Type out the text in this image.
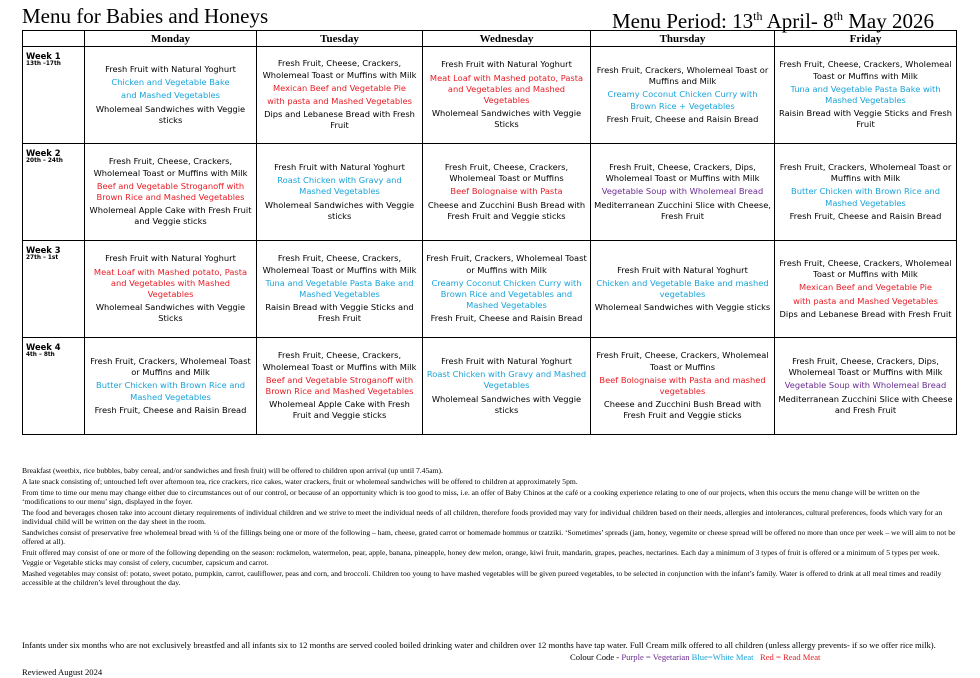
Menu for Babies and Honeys	Menu Period: 13th April- 8th May 2026
	Monday	Tuesday	Wednesday	Thursday	Friday
Week 1
13th –17th	Fresh Fruit with Natural Yoghurt
Chicken and Vegetable Bake
and Mashed Vegetables
Wholemeal Sandwiches with Veggie sticks	Fresh Fruit, Cheese, Crackers, Wholemeal Toast or Muffins with Milk
Mexican Beef and Vegetable Pie
with pasta and Mashed Vegetables
Dips and Lebanese Bread with Fresh Fruit	Fresh Fruit with Natural Yoghurt
Meat Loaf with Mashed potato, Pasta and Vegetables and Mashed Vegetables
Wholemeal Sandwiches with Veggie Sticks	Fresh Fruit, Crackers, Wholemeal Toast or Muffins and Milk
Creamy Coconut Chicken Curry with Brown Rice + Vegetables
Fresh Fruit, Cheese and Raisin Bread	Fresh Fruit, Cheese, Crackers, Wholemeal Toast or Muffins with Milk
Tuna and Vegetable Pasta Bake with Mashed Vegetables
Raisin Bread with Veggie Sticks and Fresh Fruit

Week 2
20th – 24th	Fresh Fruit, Cheese, Crackers, Wholemeal Toast or Muffins with Milk
Beef and Vegetable Stroganoff with Brown Rice and Mashed Vegetables
Wholemeal Apple Cake with Fresh Fruit and Veggie sticks	Fresh Fruit with Natural Yoghurt
Roast Chicken with Gravy and Mashed Vegetables
Wholemeal Sandwiches with Veggie sticks	Fresh Fruit, Cheese, Crackers, Wholemeal Toast or Muffins
Beef Bolognaise with Pasta
Cheese and Zucchini Bush Bread with Fresh Fruit and Veggie sticks	Fresh Fruit, Cheese, Crackers, Dips, Wholemeal Toast or Muffins with Milk
Vegetable Soup with Wholemeal Bread
Mediterranean Zucchini Slice with Cheese, Fresh Fruit	Fresh Fruit, Crackers, Wholemeal Toast or Muffins with Milk
Butter Chicken with Brown Rice and Mashed Vegetables
Fresh Fruit, Cheese and Raisin Bread

Week 3
27th – 1st	Fresh Fruit with Natural Yoghurt
Meat Loaf with Mashed potato, Pasta and Vegetables with Mashed Vegetables
Wholemeal Sandwiches with Veggie Sticks	Fresh Fruit, Cheese, Crackers, Wholemeal Toast or Muffins with Milk
Tuna and Vegetable Pasta Bake and Mashed Vegetables
Raisin Bread with Veggie Sticks and Fresh Fruit	Fresh Fruit, Crackers, Wholemeal Toast or Muffins with Milk
Creamy Coconut Chicken Curry with Brown Rice and Vegetables and Mashed Vegetables
Fresh Fruit, Cheese and Raisin Bread	Fresh Fruit with Natural Yoghurt
Chicken and Vegetable Bake and mashed vegetables
Wholemeal Sandwiches with Veggie sticks	Fresh Fruit, Cheese, Crackers, Wholemeal Toast or Muffins with Milk
Mexican Beef and Vegetable Pie
with pasta and Mashed Vegetables
Dips and Lebanese Bread with Fresh Fruit

Week 4
4th – 8th	Fresh Fruit, Crackers, Wholemeal Toast or Muffins and Milk
Butter Chicken with Brown Rice and Mashed Vegetables
Fresh Fruit, Cheese and Raisin Bread	Fresh Fruit, Cheese, Crackers, Wholemeal Toast or Muffins with Milk
Beef and Vegetable Stroganoff with Brown Rice and Mashed Vegetables
Wholemeal Apple Cake with Fresh Fruit and Veggie sticks	Fresh Fruit with Natural Yoghurt
Roast Chicken with Gravy and Mashed Vegetables
Wholemeal Sandwiches with Veggie sticks	Fresh Fruit, Cheese, Crackers, Wholemeal Toast or Muffins
Beef Bolognaise with Pasta and mashed vegetables
Cheese and Zucchini Bush Bread with Fresh Fruit and Veggie sticks	Fresh Fruit, Cheese, Crackers, Dips, Wholemeal Toast or Muffins with Milk
Vegetable Soup with Wholemeal Bread
Mediterranean Zucchini Slice with Cheese and Fresh Fruit

Breakfast (weetbix, rice bubbles, baby cereal, and/or sandwiches and fresh fruit) will be offered to children upon arrival (up until 7.45am).

A late snack consisting of; untouched left over afternoon tea, rice crackers, rice cakes, water crackers, fruit or wholemeal sandwiches will be offered to children at approximately 5pm.

From time to time our menu may change either due to circumstances out of our control, or because of an opportunity which is too good to miss, i.e. an offer of Baby Chinos at the café or a cooking experience relating to one of our projects, when this occurs the menu change will be written on the ‘modifications to our menu’ sign, displayed in the foyer.

The food and beverages chosen take into account dietary requirements of individual children and we strive to meet the individual needs of all children, therefore foods provided may vary for individual children based on their needs, allergies and intolerances, cultural preferences, foods which vary for an individual child will be written on the day sheet in the room.

Sandwiches consist of preservative free wholemeal bread with ¼ of the fillings being one or more of the following – ham, cheese, grated carrot or homemade hommus or tzatziki. ‘Sometimes’ spreads (jam, honey, vegemite or cheese spread will be offered no more than once per week – we will aim to not be offered at all).

Fruit offered may consist of one or more of the following depending on the season: rockmelon, watermelon, pear, apple, banana, pineapple, honey dew melon, orange, kiwi fruit, mandarin, grapes, peaches, nectarines. Each day a minimum of 3 types of fruit is offered or a minimum of 5 types per week.

Veggie or Vegetable sticks may consist of celery, cucumber, capsicum and carrot.

Mashed vegetables may consist of: potato, sweet potato, pumpkin, carrot, cauliflower, peas and corn, and broccoli. Children too young to have mashed vegetables will be given pureed vegetables, to be selected in conjunction with the infant’s family. Water is offered to drink at all meal times and readily accessible at the children’s level throughout the day.

Infants under six months who are not exclusively breastfed and all infants six to 12 months are served cooled boiled drinking water and children over 12 months have tap water. Full Cream milk offered to all children (unless allergy prevents- if so we offer rice milk).
Colour Code - Purple = Vegetarian Blue=White Meat Red = Read Meat
Reviewed August 2024
